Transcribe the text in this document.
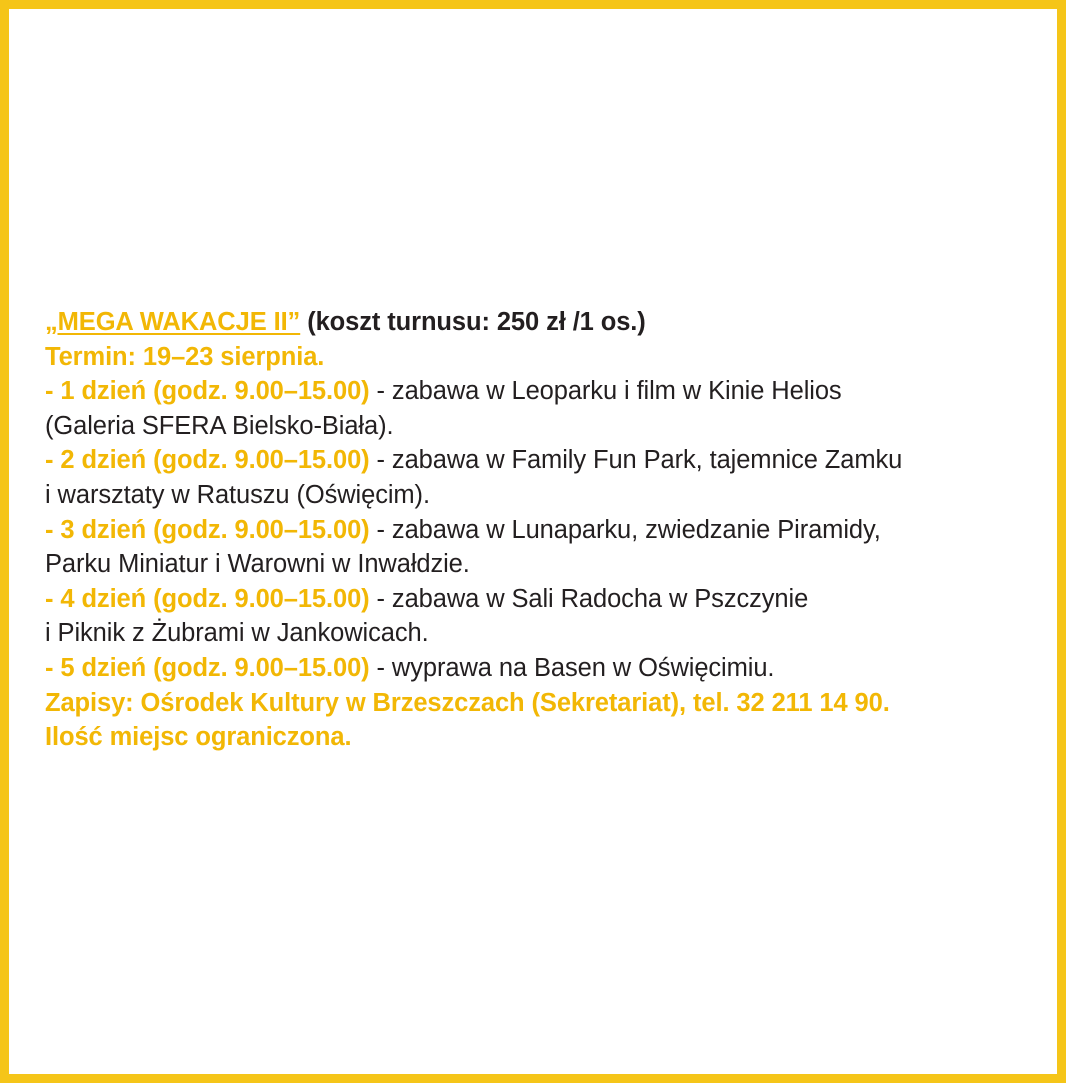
„MEGA WAKACJE II” (koszt turnusu: 250 zł /1 os.)
Termin: 19–23 sierpnia.
- 1 dzień (godz. 9.00–15.00) - zabawa w Leoparku i film w Kinie Helios
(Galeria SFERA Bielsko-Biała).
- 2 dzień (godz. 9.00–15.00) - zabawa w Family Fun Park, tajemnice Zamku
i warsztaty w Ratuszu (Oświęcim).
- 3 dzień (godz. 9.00–15.00) - zabawa w Lunaparku, zwiedzanie Piramidy,
Parku Miniatur i Warowni w Inwałdzie.
- 4 dzień (godz. 9.00–15.00) - zabawa w Sali Radocha w Pszczynie
i Piknik z Żubrami w Jankowicach.
- 5 dzień (godz. 9.00–15.00) - wyprawa na Basen w Oświęcimiu.
Zapisy: Ośrodek Kultury w Brzeszczach (Sekretariat), tel. 32 211 14 90.
Ilość miejsc ograniczona.
